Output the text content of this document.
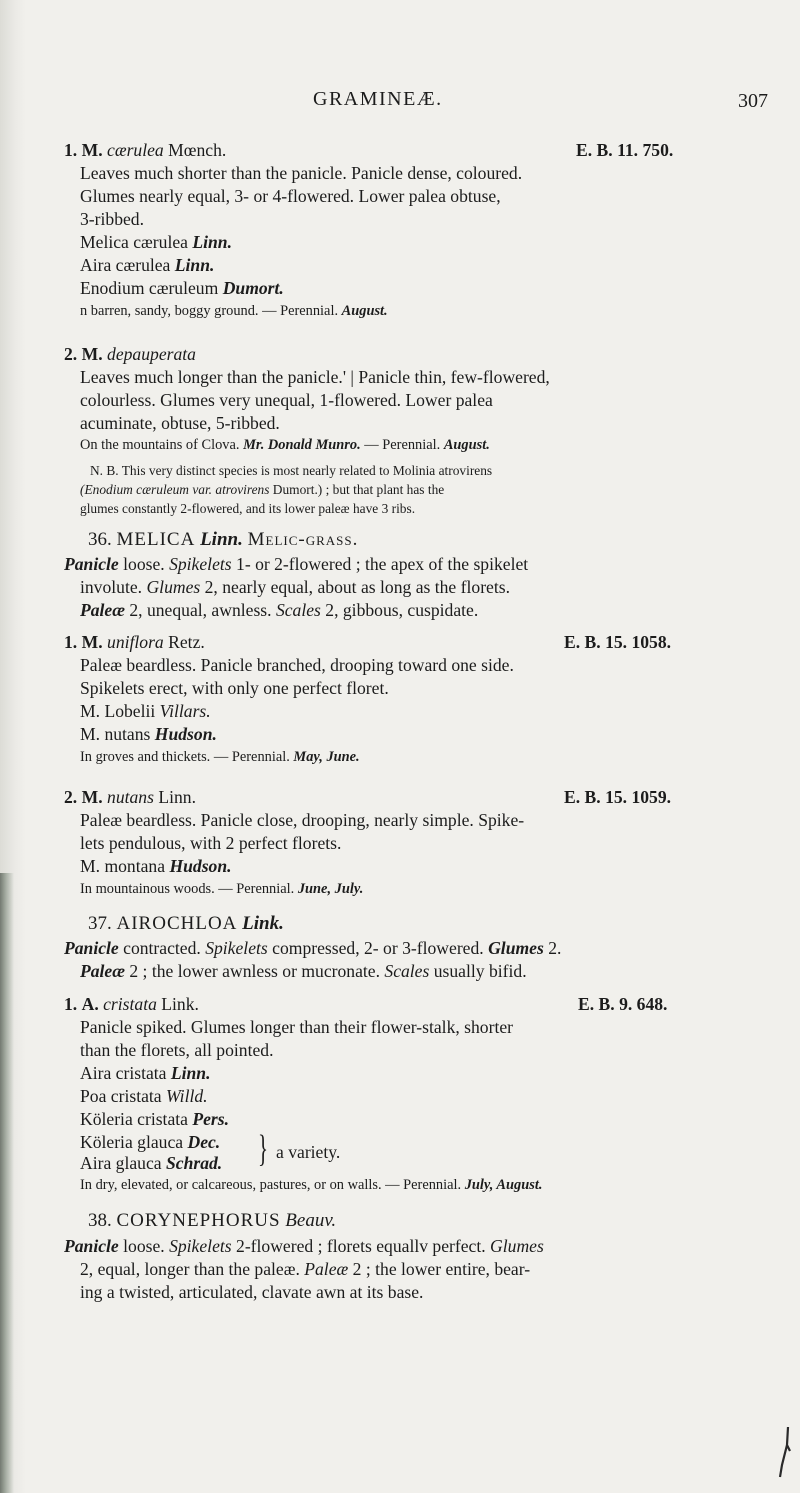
GRAMINEÆ.	307
1. M. cærulea Mœnch.	E. B. 11. 750.
Leaves much shorter than the panicle. Panicle dense, coloured.
Glumes nearly equal, 3- or 4-flowered. Lower palea obtuse,
3-ribbed.
Melica cærulea Linn.
Aira cærulea Linn.
Enodium cæruleum Dumort.
n barren, sandy, boggy ground. — Perennial. August.
2. M. depauperata
Leaves much longer than the panicle.' | Panicle thin, few-flowered,
colourless. Glumes very unequal, 1-flowered. Lower palea
acuminate, obtuse, 5-ribbed.
On the mountains of Clova. Mr. Donald Munro. — Perennial. August.
N. B. This very distinct species is most nearly related to Molinia atrovirens
(Enodium cæruleum var. atrovirens Dumort.) ; but that plant has the
glumes constantly 2-flowered, and its lower paleæ have 3 ribs.
36. MELICA Linn. Melic-grass.
Panicle loose. Spikelets 1- or 2-flowered ; the apex of the spikelet
involute. Glumes 2, nearly equal, about as long as the florets.
Paleæ 2, unequal, awnless. Scales 2, gibbous, cuspidate.
1. M. uniflora Retz.	E. B. 15. 1058.
Paleæ beardless. Panicle branched, drooping toward one side.
Spikelets erect, with only one perfect floret.
M. Lobelii Villars.
M. nutans Hudson.
In groves and thickets. — Perennial. May, June.
2. M. nutans Linn.	E. B. 15. 1059.
Paleæ beardless. Panicle close, drooping, nearly simple. Spike-
lets pendulous, with 2 perfect florets.
M. montana Hudson.
In mountainous woods. — Perennial. June, July.
37. AIROCHLOA Link.
Panicle contracted. Spikelets compressed, 2- or 3-flowered. Glumes 2.
Paleæ 2 ; the lower awnless or mucronate. Scales usually bifid.
1. A. cristata Link.	E. B. 9. 648.
Panicle spiked. Glumes longer than their flower-stalk, shorter
than the florets, all pointed.
Aira cristata Linn.
Poa cristata Willd.
Köleria cristata Pers.
Köleria glauca Dec.
Aira glauca Schrad. } a variety.
In dry, elevated, or calcareous, pastures, or on walls. — Perennial. July, August.
38. CORYNEPHORUS Beauv.
Panicle loose. Spikelets 2-flowered ; florets equallv perfect. Glumes
2, equal, longer than the paleæ. Paleæ 2 ; the lower entire, bear-
ing a twisted, articulated, clavate awn at its base.
